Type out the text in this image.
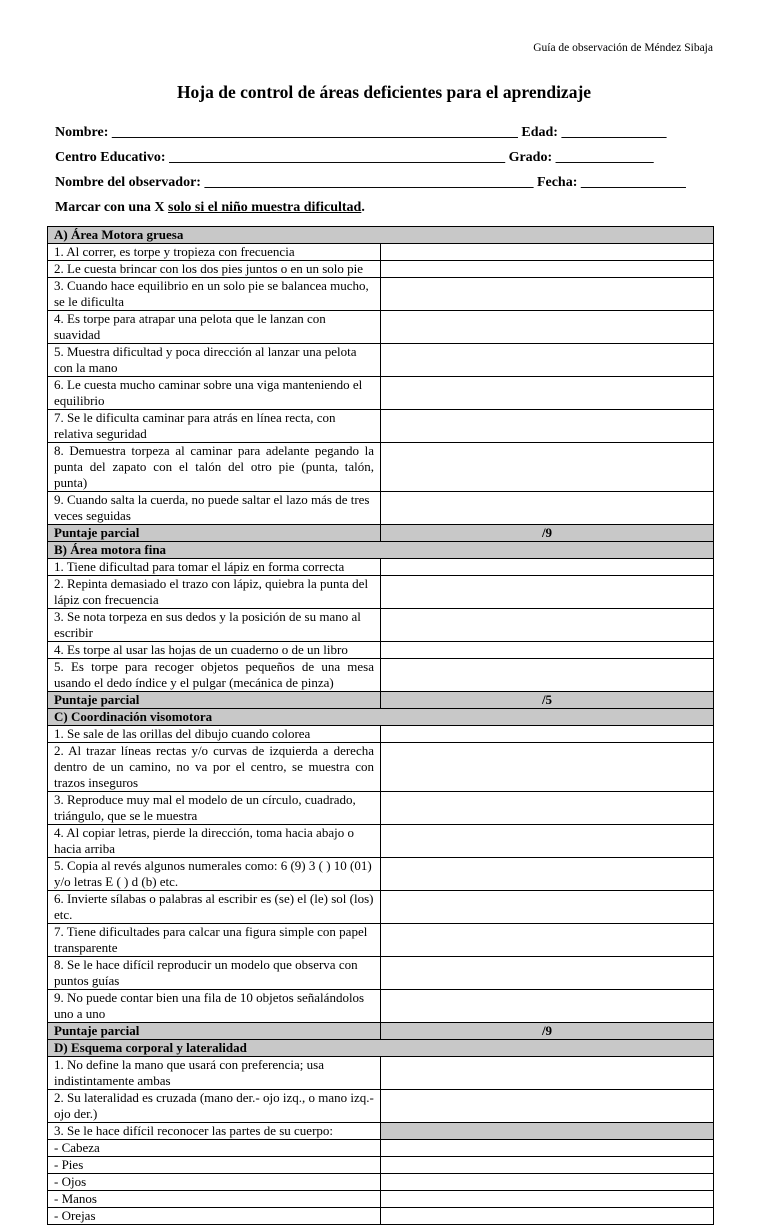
Guía de observación de Méndez Sibaja
Hoja de control de áreas deficientes para el aprendizaje
Nombre: __________________________________________________________ Edad: _______________
Centro Educativo: ________________________________________________ Grado: ______________
Nombre del observador: _______________________________________________ Fecha: _______________
Marcar con una X solo si el niño muestra dificultad.
A) Área Motora gruesa	
1. Al correr, es torpe y tropieza con frecuencia	
2. Le cuesta brincar con los dos pies juntos o en un solo pie	
3. Cuando hace equilibrio en un solo pie se balancea mucho, se le dificulta	
4. Es torpe para atrapar una pelota que le lanzan con suavidad	
5. Muestra dificultad y poca dirección al lanzar una pelota con la mano	
6. Le cuesta mucho caminar sobre una viga manteniendo el equilibrio	
7. Se le dificulta caminar para atrás en línea recta, con relativa seguridad	
8. Demuestra torpeza al caminar para adelante pegando la punta del zapato con el talón del otro pie (punta, talón, punta)	
9. Cuando salta la cuerda, no puede saltar el lazo más de tres veces seguidas	
Puntaje parcial	/9
B) Área motora fina	
1. Tiene dificultad para tomar el lápiz en forma correcta	
2. Repinta demasiado el trazo con lápiz, quiebra la punta del lápiz con frecuencia	
3. Se nota torpeza en sus dedos y la posición de su mano al escribir	
4. Es torpe al usar las hojas de un cuaderno o de un libro	
5. Es torpe para recoger objetos pequeños de una mesa usando el dedo índice y el pulgar (mecánica de pinza)	
Puntaje parcial	/5
C) Coordinación visomotora	
1. Se sale de las orillas del dibujo cuando colorea	
2. Al trazar líneas rectas y/o curvas de izquierda a derecha dentro de un camino, no va por el centro, se muestra con trazos inseguros	
3. Reproduce muy mal el modelo de un círculo, cuadrado, triángulo, que se le muestra	
4. Al copiar letras, pierde la dirección, toma hacia abajo o hacia arriba	
5. Copia al revés algunos numerales como: 6 (9) 3 ( ) 10 (01) y/o letras E ( ) d (b) etc.	
6. Invierte sílabas o palabras al escribir es (se) el (le) sol (los) etc.	
7. Tiene dificultades para calcar una figura simple con papel transparente	
8. Se le hace difícil reproducir un modelo que observa con puntos guías	
9. No puede contar bien una fila de 10 objetos señalándolos uno a uno	
Puntaje parcial	/9
D) Esquema corporal y lateralidad	
1. No define la mano que usará con preferencia; usa indistintamente ambas	
2. Su lateralidad es cruzada (mano der.- ojo izq., o mano izq.-ojo der.)	
3. Se le hace difícil reconocer las partes de su cuerpo:	
- Cabeza	
- Pies	
- Ojos	
- Manos	
- Orejas	
